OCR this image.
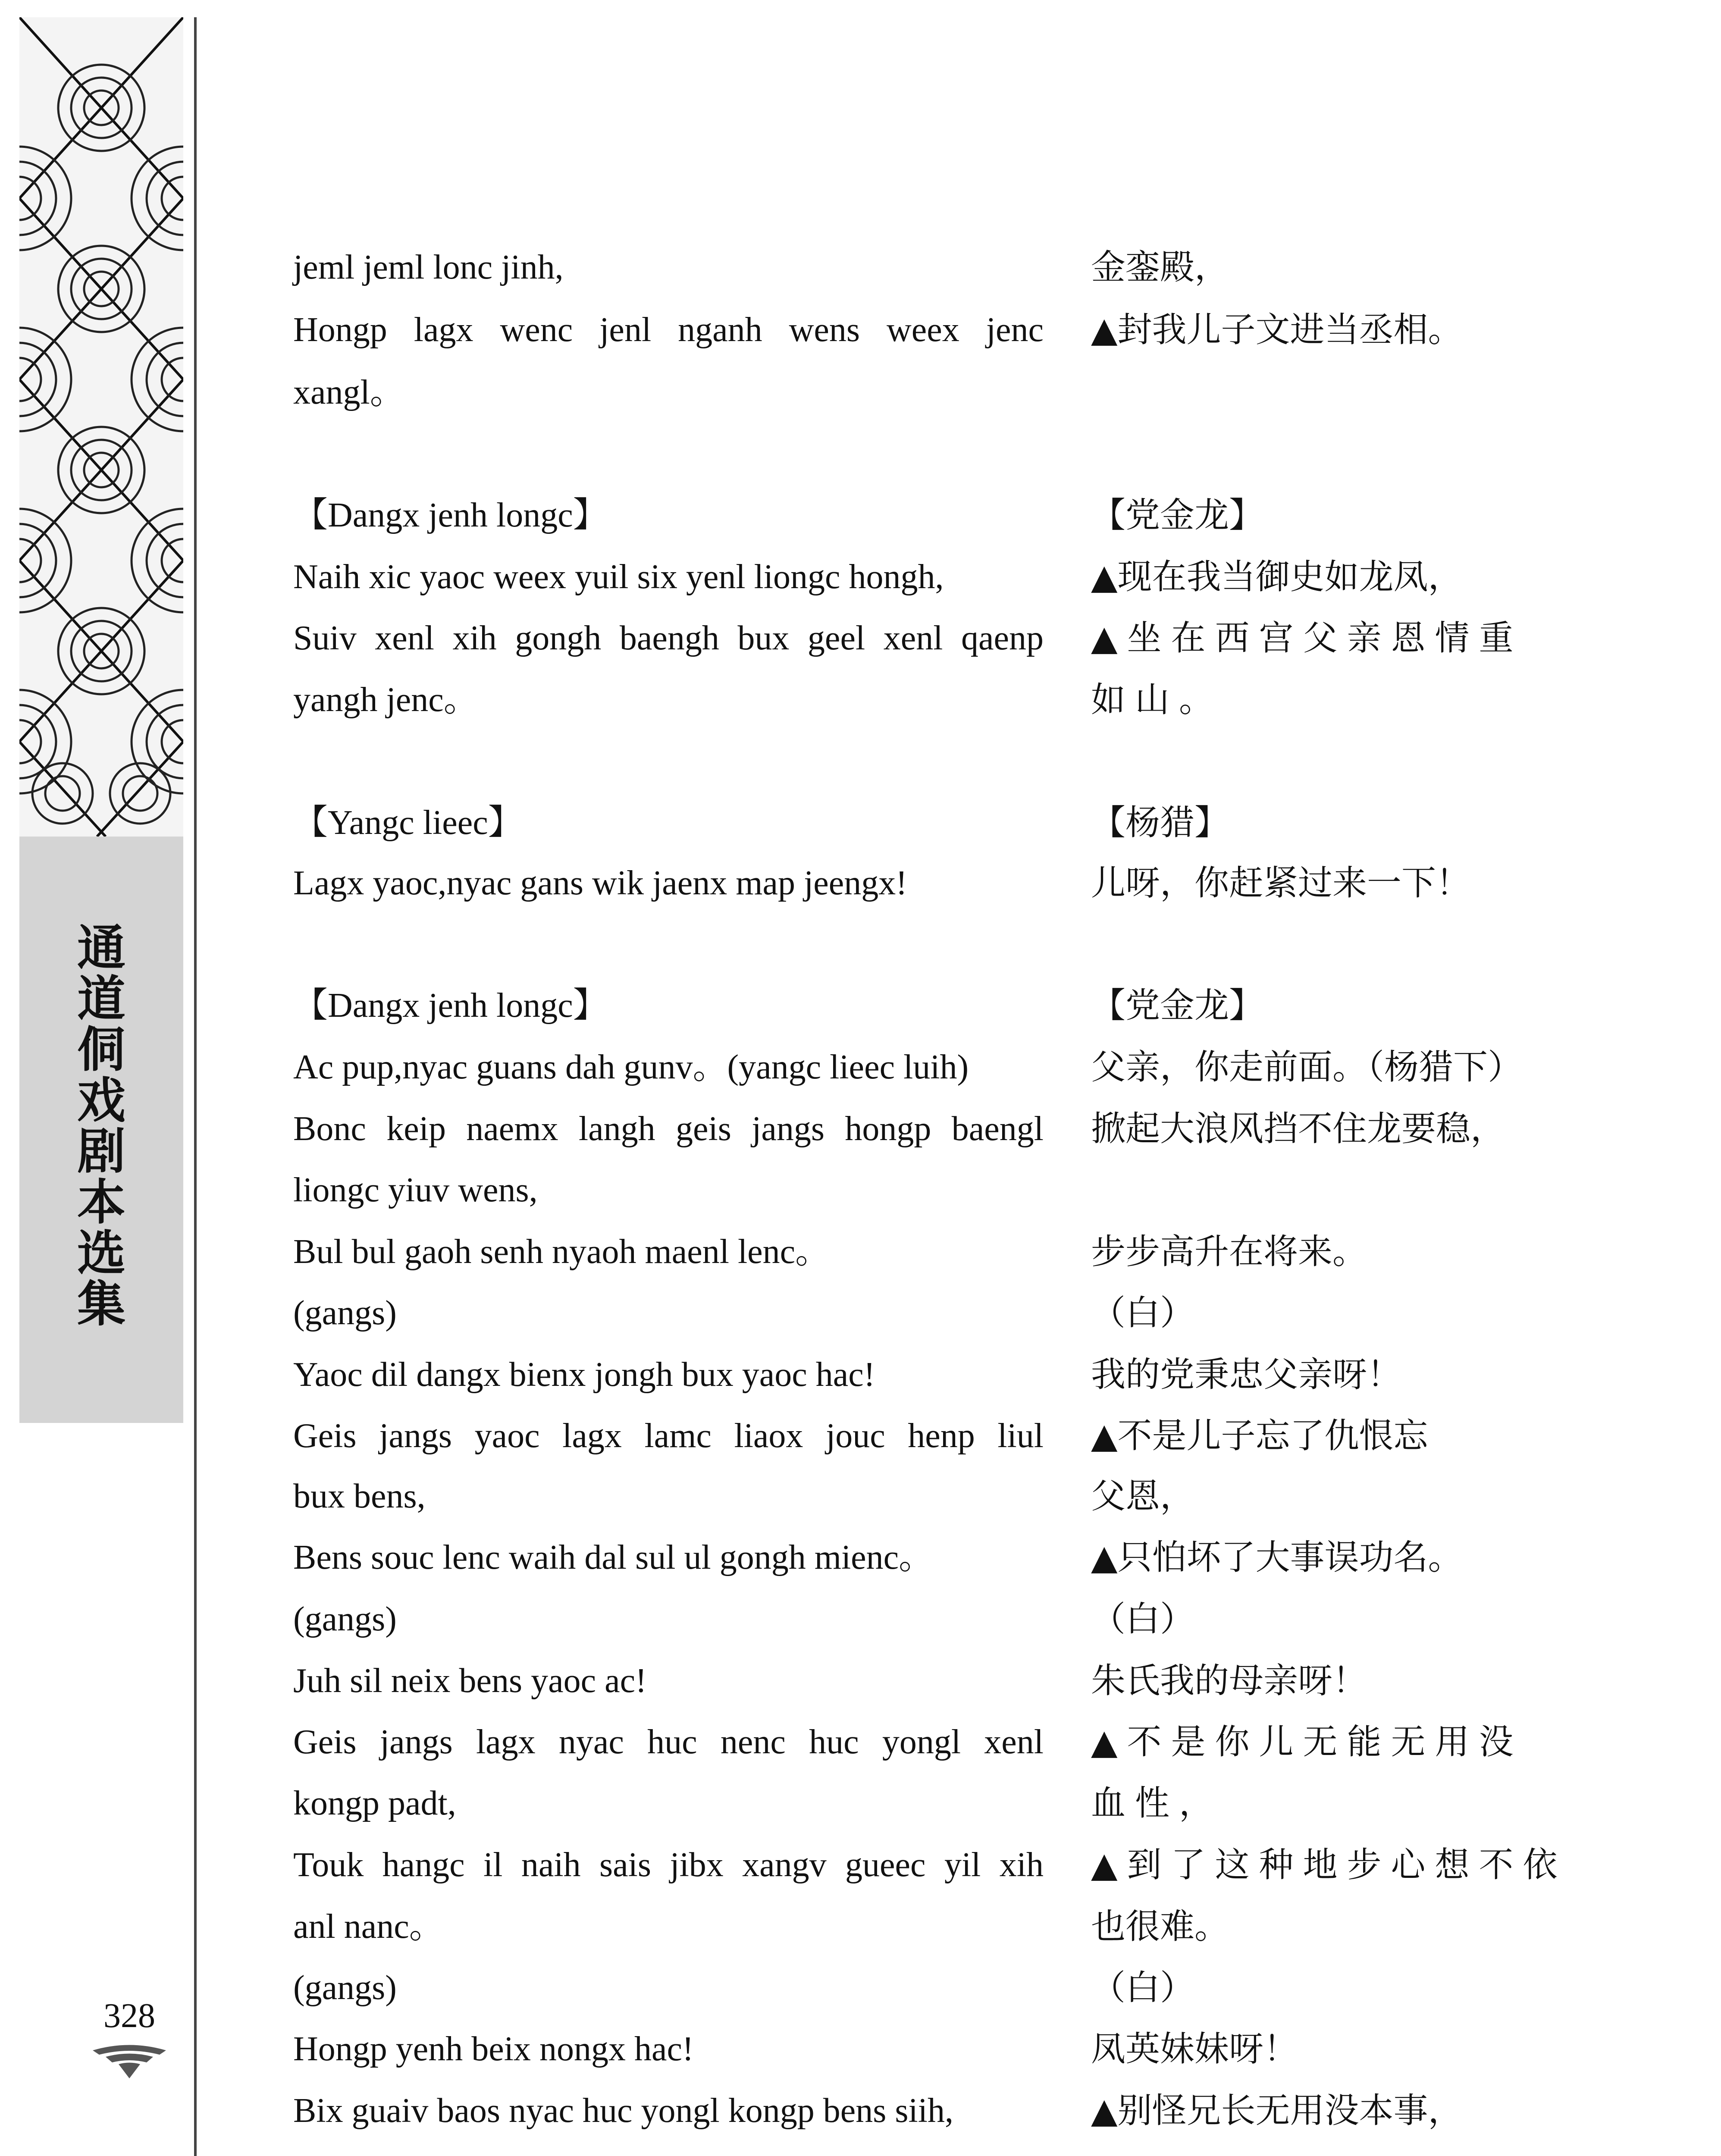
通
道
侗
戏
剧
本
选
集
328
jeml jeml lonc jinh,
Hongp lagx wenc jenl nganh wens weex jenc
xangl。
【Dangx jenh longc】
Naih xic yaoc weex yuil six yenl liongc hongh,
Suiv xenl xih gongh baengh bux geel xenl qaenp
yangh jenc。
【Yangc lieec】
Lagx yaoc,nyac gans wik jaenx map jeengx!
【Dangx jenh longc】
Ac pup,nyac guans dah gunv。(yangc lieec luih)
Bonc keip naemx langh geis jangs hongp baengl
liongc yiuv wens,
Bul bul gaoh senh nyaoh maenl lenc。
(gangs)
Yaoc dil dangx bienx jongh bux yaoc hac!
Geis jangs yaoc lagx lamc liaox jouc henp liul
bux bens,
Bens souc lenc waih dal sul ul gongh mienc。
(gangs)
Juh sil neix bens yaoc ac!
Geis jangs lagx nyac huc nenc huc yongl xenl
kongp padt,
Touk hangc il naih sais jibx xangv gueec yil xih
anl nanc。
(gangs)
Hongp yenh beix nongx hac!
Bix guaiv baos nyac huc yongl kongp bens siih,
金銮殿，
▲封我儿子文进当丞相。
【党金龙】
▲现在我当御史如龙凤，
▲坐在西宫父亲恩情重
如山。
【杨猎】
儿呀，你赶紧过来一下！
【党金龙】
父亲，你走前面。（杨猎下）
掀起大浪风挡不住龙要稳，
步步高升在将来。
（白）
我的党秉忠父亲呀！
▲不是儿子忘了仇恨忘
父恩，
▲只怕坏了大事误功名。
（白）
朱氏我的母亲呀！
▲不是你儿无能无用没
血性，
▲到了这种地步心想不依
也很难。
（白）
凤英妹妹呀！
▲别怪兄长无用没本事，
